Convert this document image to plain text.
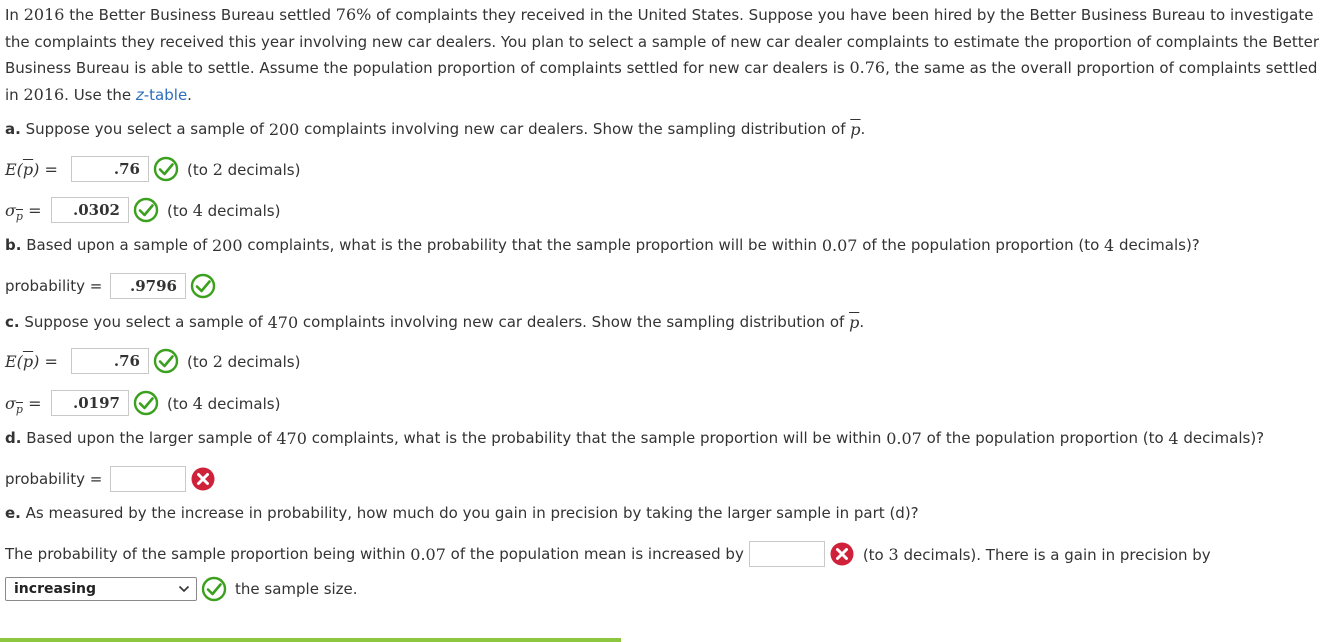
In 2016 the Better Business Bureau settled 76% of complaints they received in the United States. Suppose you have been hired by the Better Business Bureau to investigate the complaints they received this year involving new car dealers. You plan to select a sample of new car dealer complaints to estimate the proportion of complaints the Better Business Bureau is able to settle. Assume the population proportion of complaints settled for new car dealers is 0.76, the same as the overall proportion of complaints settled in 2016. Use the z-table.

a. Suppose you select a sample of 200 complaints involving new car dealers. Show the sampling distribution of $\overline{p}$ .
$E(\overline{p})$ =	.76	(to 2 decimals)
$\sigma_{\overline{p}}$ =	.0302	(to 4 decimals)
b. Based upon a sample of 200 complaints, what is the probability that the sample proportion will be within 0.07 of the population proportion (to 4 decimals)?
probability =	.9796
c. Suppose you select a sample of 470 complaints involving new car dealers. Show the sampling distribution of $\overline{p}$ .
$E(\overline{p})$ =	.76	(to 2 decimals)
$\sigma_{\overline{p}}$ =	.0197	(to 4 decimals)
d. Based upon the larger sample of 470 complaints, what is the probability that the sample proportion will be within 0.07 of the population proportion (to 4 decimals)?
probability =
e. As measured by the increase in probability, how much do you gain in precision by taking the larger sample in part (d)?
The probability of the sample proportion being within 0.07 of the population mean is increased by	(to 3 decimals). There is a gain in precision by
increasing	the sample size.
